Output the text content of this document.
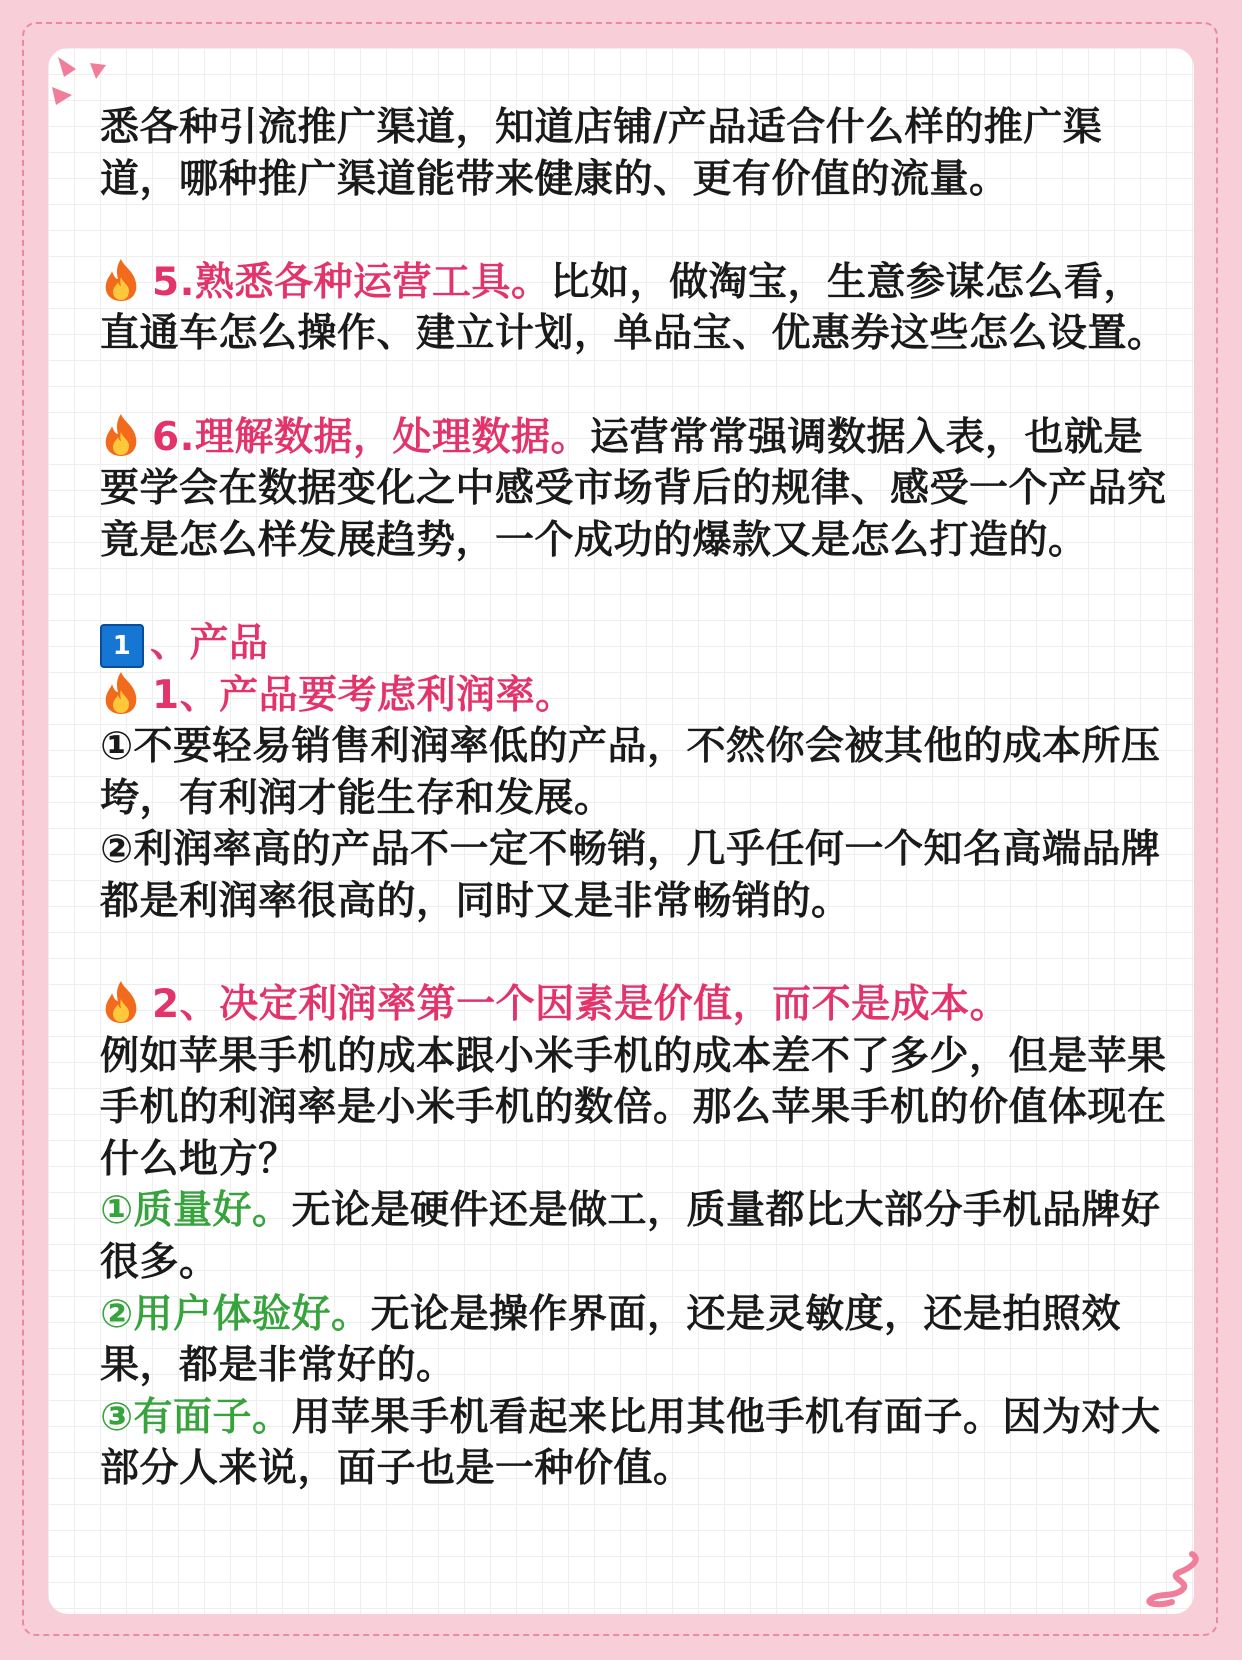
悉各种引流推广渠道，知道店铺/产品适合什么样的推广渠道，哪种推广渠道能带来健康的、更有价值的流量。

5.熟悉各种运营工具。比如，做淘宝，生意参谋怎么看，直通车怎么操作、建立计划，单品宝、优惠券这些怎么设置。

6.理解数据，处理数据。运营常常强调数据入表，也就是要学会在数据变化之中感受市场背后的规律、感受一个产品究竟是怎么样发展趋势，一个成功的爆款又是怎么打造的。

1 、产品

1、产品要考虑利润率。

①不要轻易销售利润率低的产品，不然你会被其他的成本所压垮，有利润才能生存和发展。

②利润率高的产品不一定不畅销，几乎任何一个知名高端品牌都是利润率很高的，同时又是非常畅销的。

2、决定利润率第一个因素是价值，而不是成本。

例如苹果手机的成本跟小米手机的成本差不了多少，但是苹果手机的利润率是小米手机的数倍。那么苹果手机的价值体现在什么地方？

①质量好。无论是硬件还是做工，质量都比大部分手机品牌好很多。

②用户体验好。无论是操作界面，还是灵敏度，还是拍照效果，都是非常好的。

③有面子。用苹果手机看起来比用其他手机有面子。因为对大部分人来说，面子也是一种价值。
